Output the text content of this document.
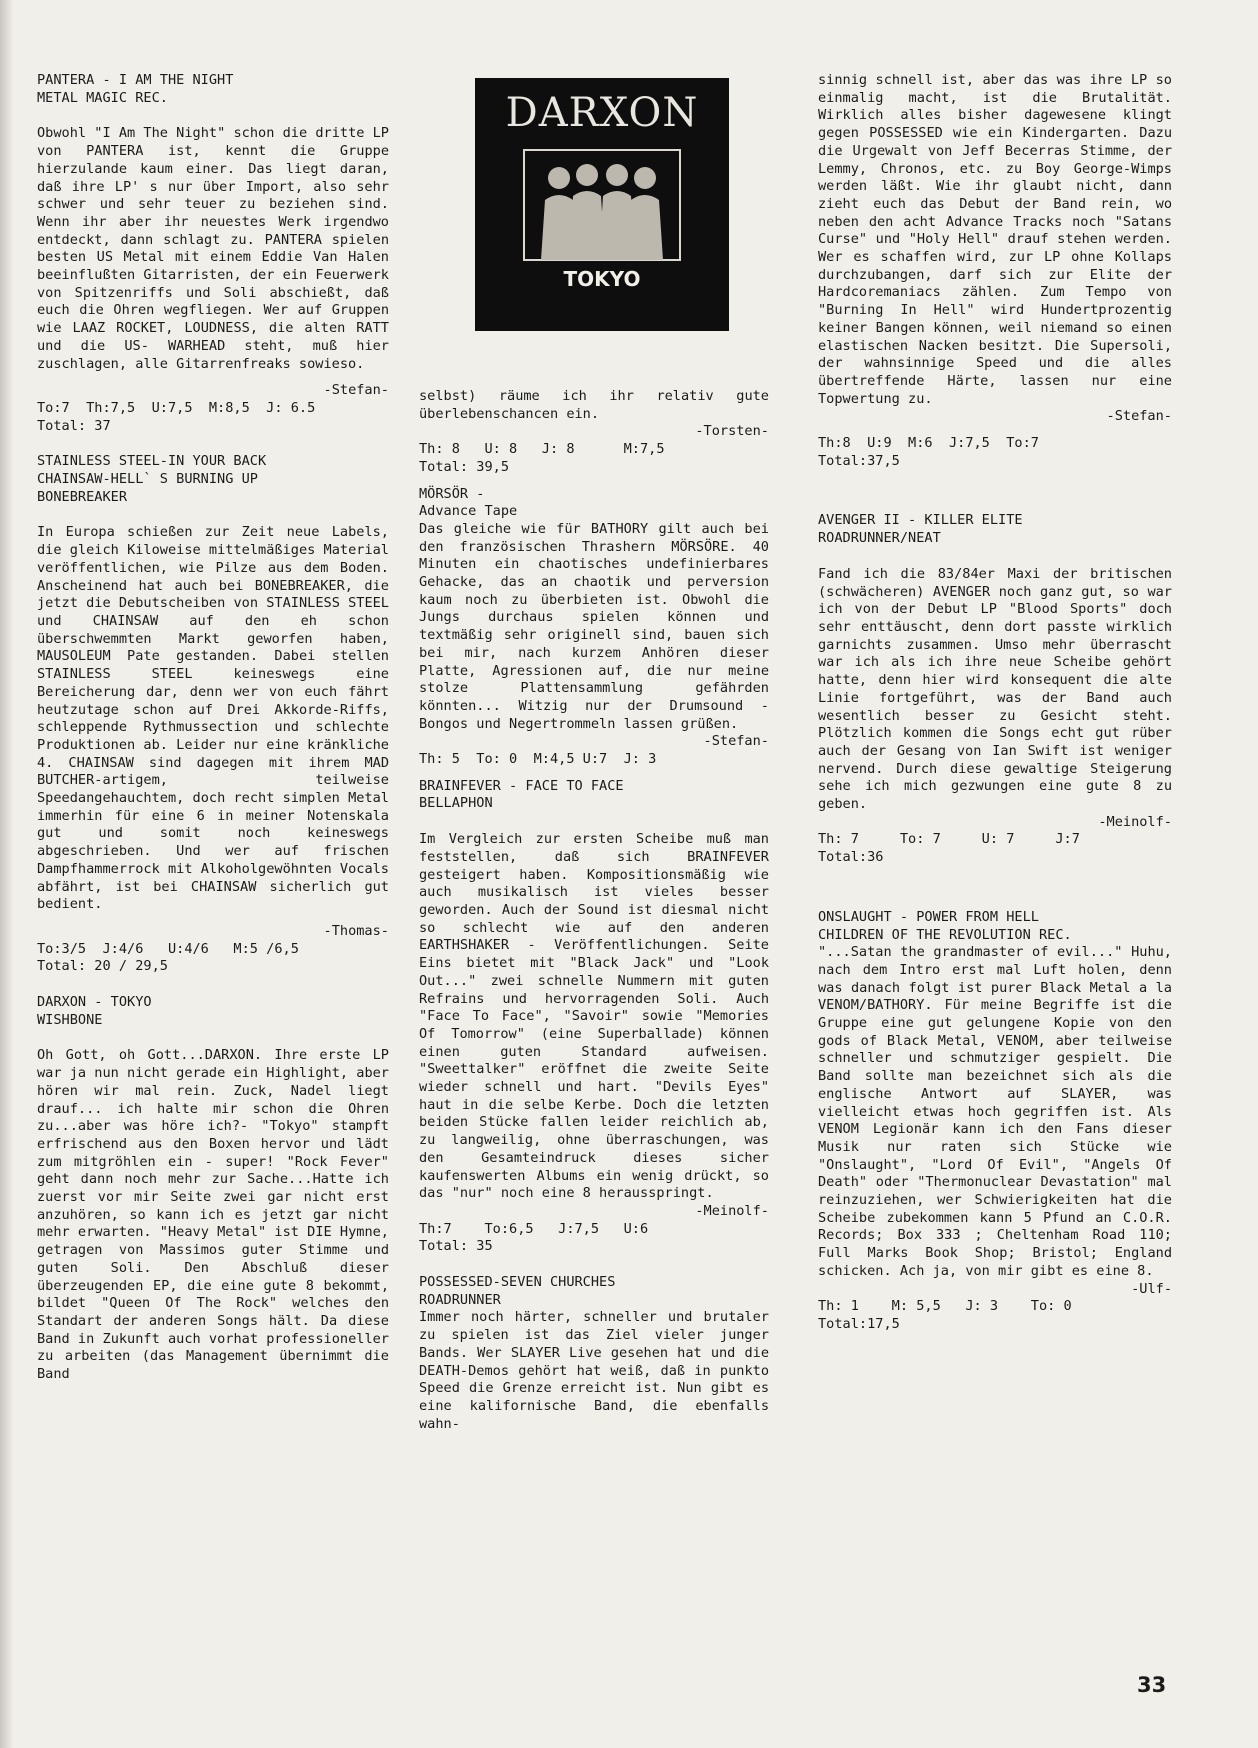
PANTERA - I AM THE NIGHT
METAL MAGIC REC.

Obwohl "I Am The Night" schon die dritte LP von PANTERA ist, kennt die Gruppe hierzulande kaum einer. Das liegt daran, daß ihre LP' s nur über Import, also sehr schwer und sehr teuer zu beziehen sind. Wenn ihr aber ihr neuestes Werk irgendwo entdeckt, dann schlagt zu. PANTERA spielen besten US Metal mit einem Eddie Van Halen beeinflußten Gitarristen, der ein Feuerwerk von Spitzenriffs und Soli abschießt, daß euch die Ohren wegfliegen. Wer auf Gruppen wie LAAZ ROCKET, LOUDNESS, die alten RATT und die US- WARHEAD steht, muß hier zuschlagen, alle Gitarrenfreaks sowieso.

-Stefan-
To:7  Th:7,5  U:7,5  M:8,5  J: 6.5
Total: 37
STAINLESS STEEL-IN YOUR BACK
CHAINSAW-HELL` S BURNING UP
BONEBREAKER

In Europa schießen zur Zeit neue Labels, die gleich Kiloweise mittelmäßiges Material veröffentlichen, wie Pilze aus dem Boden. Anscheinend hat auch bei BONEBREAKER, die jetzt die Debutscheiben von STAINLESS STEEL und CHAINSAW auf den eh schon überschwemmten Markt geworfen haben, MAUSOLEUM Pate gestanden. Dabei stellen STAINLESS STEEL keineswegs eine Bereicherung dar, denn wer von euch fährt heutzutage schon auf Drei Akkorde-Riffs, schleppende Rythmussection und schlechte Produktionen ab. Leider nur eine kränkliche 4. CHAINSAW sind dagegen mit ihrem MAD BUTCHER-artigem, teilweise Speedangehauchtem, doch recht simplen Metal immerhin für eine 6 in meiner Notenskala gut und somit noch keineswegs abgeschrieben. Und wer auf frischen Dampfhammerrock mit Alkoholgewöhnten Vocals abfährt, ist bei CHAINSAW sicherlich gut bedient.

-Thomas-
To:3/5  J:4/6   U:4/6   M:5 /6,5
Total: 20 / 29,5
DARXON - TOKYO
WISHBONE

Oh Gott, oh Gott...DARXON. Ihre erste LP war ja nun nicht gerade ein Highlight, aber hören wir mal rein. Zuck, Nadel liegt drauf... ich halte mir schon die Ohren zu...aber was höre ich?- "Tokyo" stampft erfrischend aus den Boxen hervor und lädt zum mitgröhlen ein - super! "Rock Fever" geht dann noch mehr zur Sache...Hatte ich zuerst vor mir Seite zwei gar nicht erst anzuhören, so kann ich es jetzt gar nicht mehr erwarten. "Heavy Metal" ist DIE Hymne, getragen von Massimos guter Stimme und guten Soli. Den Abschluß dieser überzeugenden EP, die eine gute 8 bekommt, bildet "Queen Of The Rock" welches den Standart der anderen Songs hält. Da diese Band in Zukunft auch vorhat professioneller zu arbeiten (das Management übernimmt die Band

DARXON
TOKYO

selbst) räume ich ihr relativ gute überlebenschancen ein.

-Torsten-
Th: 8   U: 8   J: 8      M:7,5
Total: 39,5
MÖRSÖR -
Advance Tape

Das gleiche wie für BATHORY gilt auch bei den französischen Thrashern MÖRSÖRE. 40 Minuten ein chaotisches undefinierbares Gehacke, das an chaotik und perversion kaum noch zu überbieten ist. Obwohl die Jungs durchaus spielen können und textmäßig sehr originell sind, bauen sich bei mir, nach kurzem Anhören dieser Platte, Agressionen auf, die nur meine stolze Plattensammlung gefährden könnten... Witzig nur der Drumsound - Bongos und Negertrommeln lassen grüßen.

-Stefan-
Th: 5  To: 0  M:4,5 U:7  J: 3
BRAINFEVER - FACE TO FACE
BELLAPHON

Im Vergleich zur ersten Scheibe muß man feststellen, daß sich BRAINFEVER gesteigert haben. Kompositionsmäßig wie auch musikalisch ist vieles besser geworden. Auch der Sound ist diesmal nicht so schlecht wie auf den anderen EARTHSHAKER - Veröffentlichungen. Seite Eins bietet mit "Black Jack" und "Look Out..." zwei schnelle Nummern mit guten Refrains und hervorragenden Soli. Auch "Face To Face", "Savoir" sowie "Memories Of Tomorrow" (eine Superballade) können einen guten Standard aufweisen. "Sweettalker" eröffnet die zweite Seite wieder schnell und hart. "Devils Eyes" haut in die selbe Kerbe. Doch die letzten beiden Stücke fallen leider reichlich ab, zu langweilig, ohne überraschungen, was den Gesamteindruck dieses sicher kaufenswerten Albums ein wenig drückt, so das "nur" noch eine 8 herausspringt.

-Meinolf-
Th:7    To:6,5   J:7,5   U:6
Total: 35
POSSESSED-SEVEN CHURCHES
ROADRUNNER

Immer noch härter, schneller und brutaler zu spielen ist das Ziel vieler junger Bands. Wer SLAYER Live gesehen hat und die DEATH-Demos gehört hat weiß, daß in punkto Speed die Grenze erreicht ist. Nun gibt es eine kalifornische Band, die ebenfalls wahn-

sinnig schnell ist, aber das was ihre LP so einmalig macht, ist die Brutalität. Wirklich alles bisher dagewesene klingt gegen POSSESSED wie ein Kindergarten. Dazu die Urgewalt von Jeff Becerras Stimme, der Lemmy, Chronos, etc. zu Boy George-Wimps werden läßt. Wie ihr glaubt nicht, dann zieht euch das Debut der Band rein, wo neben den acht Advance Tracks noch "Satans Curse" und "Holy Hell" drauf stehen werden. Wer es schaffen wird, zur LP ohne Kollaps durchzubangen, darf sich zur Elite der Hardcoremaniacs zählen. Zum Tempo von "Burning In Hell" wird Hundertprozentig keiner Bangen können, weil niemand so einen elastischen Nacken besitzt. Die Supersoli, der wahnsinnige Speed und die alles übertreffende Härte, lassen nur eine Topwertung zu.

-Stefan-
Th:8  U:9  M:6  J:7,5  To:7
Total:37,5
AVENGER II - KILLER ELITE
ROADRUNNER/NEAT

Fand ich die 83/84er Maxi der britischen (schwächeren) AVENGER noch ganz gut, so war ich von der Debut LP "Blood Sports" doch sehr enttäuscht, denn dort passte wirklich garnichts zusammen. Umso mehr überrascht war ich als ich ihre neue Scheibe gehört hatte, denn hier wird konsequent die alte Linie fortgeführt, was der Band auch wesentlich besser zu Gesicht steht. Plötzlich kommen die Songs echt gut rüber auch der Gesang von Ian Swift ist weniger nervend. Durch diese gewaltige Steigerung sehe ich mich gezwungen eine gute 8 zu geben.

-Meinolf-
Th: 7     To: 7     U: 7     J:7
Total:36
ONSLAUGHT - POWER FROM HELL
CHILDREN OF THE REVOLUTION REC.

"...Satan the grandmaster of evil..." Huhu, nach dem Intro erst mal Luft holen, denn was danach folgt ist purer Black Metal a la VENOM/BATHORY. Für meine Begriffe ist die Gruppe eine gut gelungene Kopie von den gods of Black Metal, VENOM, aber teilweise schneller und schmutziger gespielt. Die Band sollte man bezeichnet sich als die englische Antwort auf SLAYER, was vielleicht etwas hoch gegriffen ist. Als VENOM Legionär kann ich den Fans dieser Musik nur raten sich Stücke wie "Onslaught", "Lord Of Evil", "Angels Of Death" oder "Thermonuclear Devastation" mal reinzuziehen, wer Schwierigkeiten hat die Scheibe zubekommen kann 5 Pfund an C.O.R. Records; Box 333 ; Cheltenham Road 110; Full Marks Book Shop; Bristol; England schicken. Ach ja, von mir gibt es eine 8.

-Ulf-
Th: 1    M: 5,5   J: 3    To: 0
Total:17,5
33
